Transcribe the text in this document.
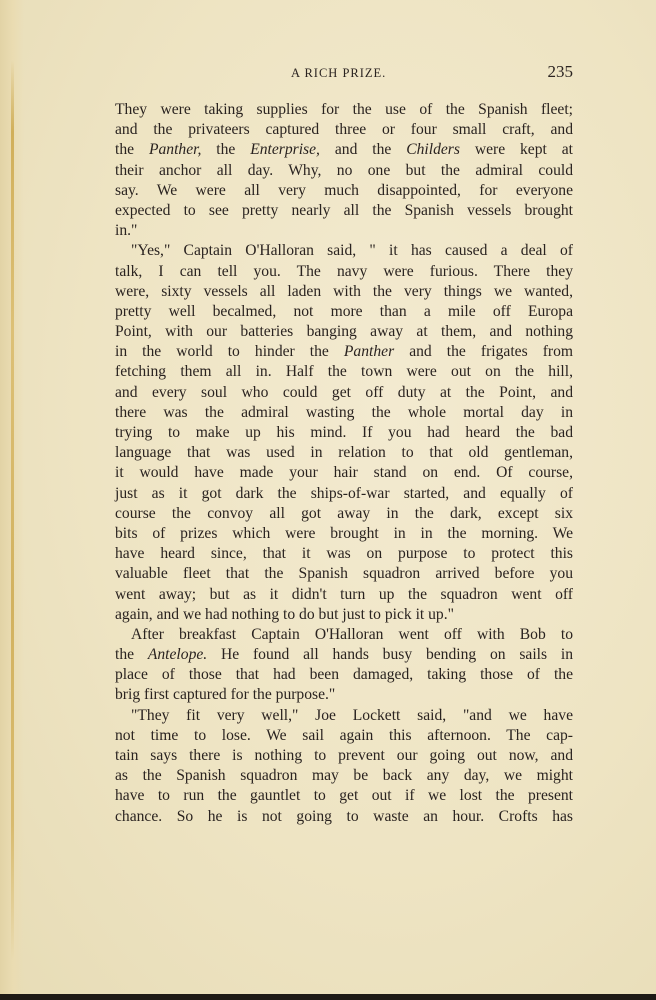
A RICH PRIZE.	235
They were taking supplies for the use of the Spanish fleet;
and the privateers captured three or four small craft, and
the Panther, the Enterprise, and the Childers were kept at
their anchor all day. Why, no one but the admiral could
say. We were all very much disappointed, for everyone
expected to see pretty nearly all the Spanish vessels brought
in."
"Yes," Captain O'Halloran said, " it has caused a deal of
talk, I can tell you. The navy were furious. There they
were, sixty vessels all laden with the very things we wanted,
pretty well becalmed, not more than a mile off Europa
Point, with our batteries banging away at them, and nothing
in the world to hinder the Panther and the frigates from
fetching them all in. Half the town were out on the hill,
and every soul who could get off duty at the Point, and
there was the admiral wasting the whole mortal day in
trying to make up his mind. If you had heard the bad
language that was used in relation to that old gentleman,
it would have made your hair stand on end. Of course,
just as it got dark the ships-of-war started, and equally of
course the convoy all got away in the dark, except six
bits of prizes which were brought in in the morning. We
have heard since, that it was on purpose to protect this
valuable fleet that the Spanish squadron arrived before you
went away; but as it didn't turn up the squadron went off
again, and we had nothing to do but just to pick it up."
After breakfast Captain O'Halloran went off with Bob to
the Antelope. He found all hands busy bending on sails in
place of those that had been damaged, taking those of the
brig first captured for the purpose."
"They fit very well," Joe Lockett said, "and we have
not time to lose. We sail again this afternoon. The cap-
tain says there is nothing to prevent our going out now, and
as the Spanish squadron may be back any day, we might
have to run the gauntlet to get out if we lost the present
chance. So he is not going to waste an hour. Crofts has
